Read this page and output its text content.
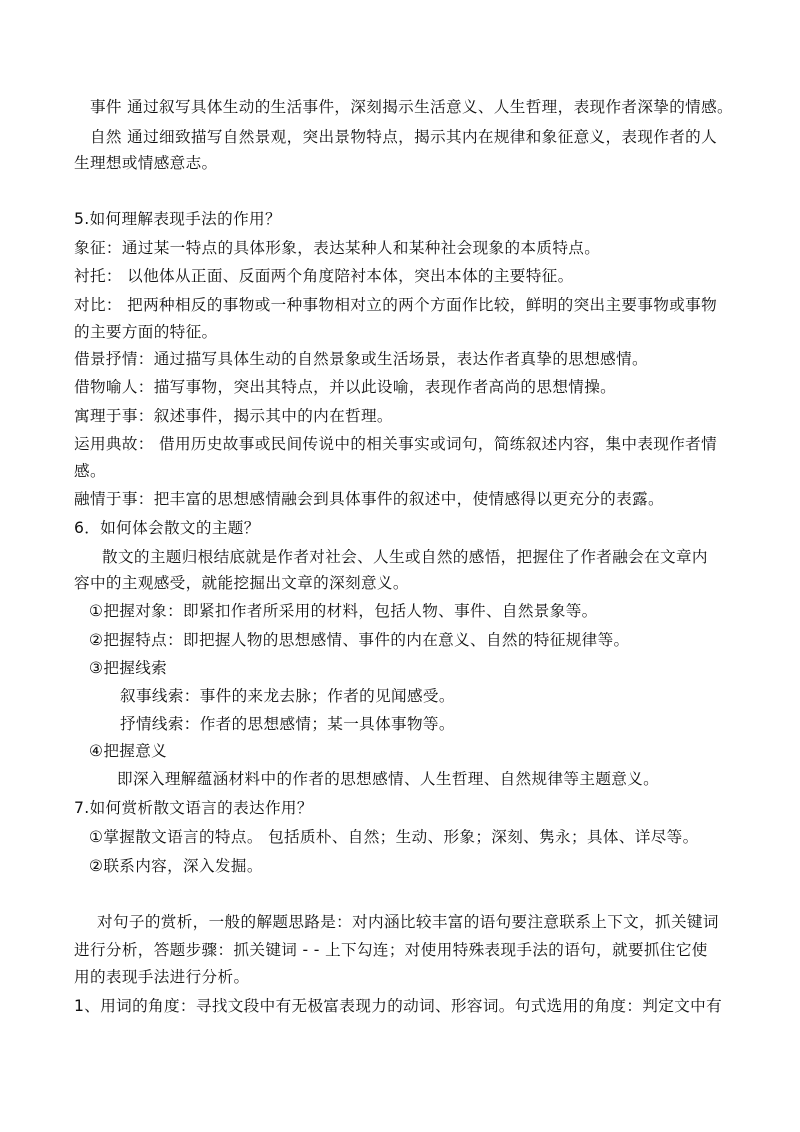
　事件 通过叙写具体生动的生活事件，深刻揭示生活意义、人生哲理，表现作者深挚的情感。
　自然 通过细致描写自然景观，突出景物特点，揭示其内在规律和象征意义，表现作者的人
生理想或情感意志。
5.如何理解表现手法的作用？
象征：通过某一特点的具体形象，表达某种人和某种社会现象的本质特点。
衬托： 以他体从正面、反面两个角度陪衬本体，突出本体的主要特征。
对比： 把两种相反的事物或一种事物相对立的两个方面作比较，鲜明的突出主要事物或事物
的主要方面的特征。
借景抒情：通过描写具体生动的自然景象或生活场景，表达作者真挚的思想感情。
借物喻人：描写事物，突出其特点，并以此设喻，表现作者高尚的思想情操。
寓理于事：叙述事件，揭示其中的内在哲理。
运用典故： 借用历史故事或民间传说中的相关事实或词句，简练叙述内容，集中表现作者情
感。
融情于事：把丰富的思想感情融会到具体事件的叙述中，使情感得以更充分的表露。
6．如何体会散文的主题？
散文的主题归根结底就是作者对社会、人生或自然的感悟，把握住了作者融会在文章内
容中的主观感受，就能挖掘出文章的深刻意义。
①把握对象：即紧扣作者所采用的材料，包括人物、事件、自然景象等。
②把握特点：即把握人物的思想感情、事件的内在意义、自然的特征规律等。
③把握线索
叙事线索：事件的来龙去脉；作者的见闻感受。
抒情线索：作者的思想感情；某一具体事物等。
④把握意义
即深入理解蕴涵材料中的作者的思想感情、人生哲理、自然规律等主题意义。
7.如何赏析散文语言的表达作用？
①掌握散文语言的特点。 包括质朴、自然；生动、形象；深刻、隽永；具体、详尽等。
②联系内容，深入发掘。
对句子的赏析，一般的解题思路是：对内涵比较丰富的语句要注意联系上下文，抓关键词
进行分析，答题步骤：抓关键词 - - 上下勾连；对使用特殊表现手法的语句，就要抓住它使
用的表现手法进行分析。
1、用词的角度：寻找文段中有无极富表现力的动词、形容词。句式选用的角度：判定文中有
